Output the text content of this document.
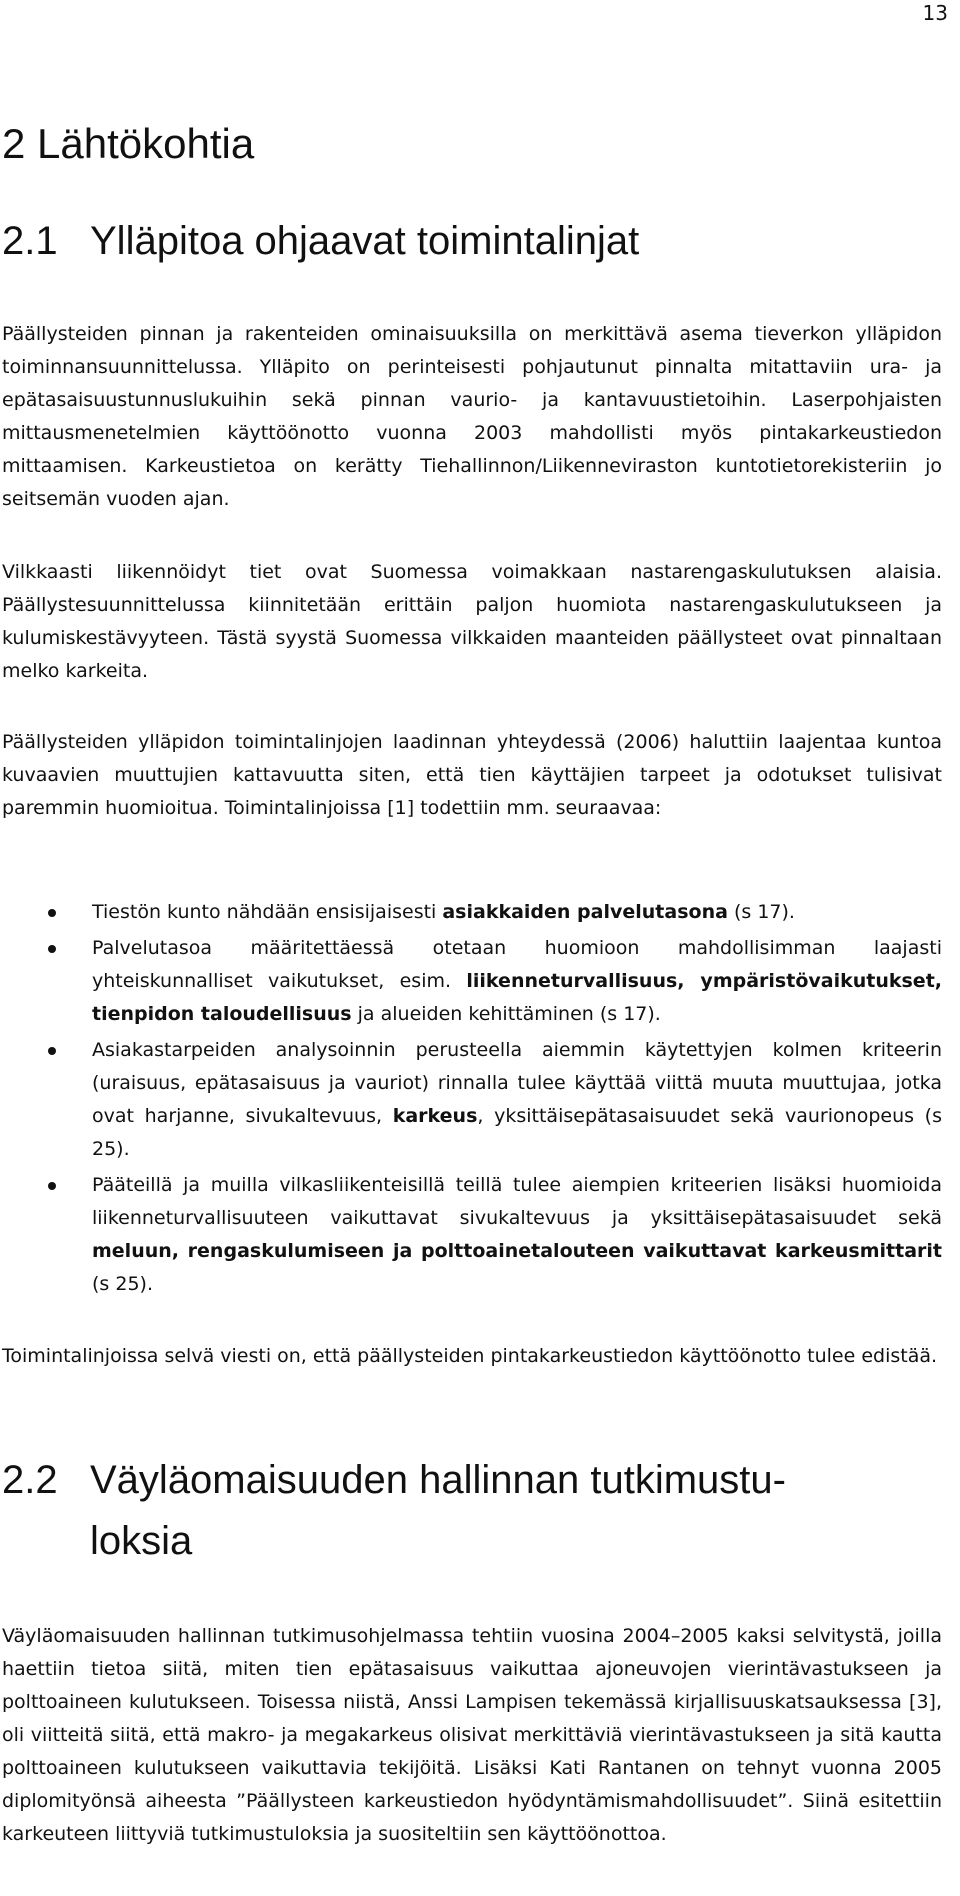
13
2 Lähtökohtia
2.1 Ylläpitoa ohjaavat toimintalinjat

Päällysteiden pinnan ja rakenteiden ominaisuuksilla on merkittävä asema tieverkon ylläpidon toiminnansuunnittelussa. Ylläpito on perinteisesti pohjautunut pinnalta mitattaviin ura- ja epätasaisuustunnuslukuihin sekä pinnan vaurio- ja kantavuustietoihin. Laserpohjaisten mittausmenetelmien käyttöönotto vuonna 2003 mahdollisti myös pintakarkeustiedon mittaamisen. Karkeustietoa on kerätty Tiehallinnon/Liikenneviraston kuntotietorekisteriin jo seitsemän vuoden ajan.

Vilkkaasti liikennöidyt tiet ovat Suomessa voimakkaan nastarengaskulutuksen alaisia. Päällystesuunnittelussa kiinnitetään erittäin paljon huomiota nastarengaskulutukseen ja kulumiskestävyyteen. Tästä syystä Suomessa vilkkaiden maanteiden päällysteet ovat pinnaltaan melko karkeita.

Päällysteiden ylläpidon toimintalinjojen laadinnan yhteydessä (2006) haluttiin laajentaa kuntoa kuvaavien muuttujien kattavuutta siten, että tien käyttäjien tarpeet ja odotukset tulisivat paremmin huomioitua. Toimintalinjoissa [1] todettiin mm. seuraavaa:

Tiestön kunto nähdään ensisijaisesti asiakkaiden palvelutasona (s 17).
Palvelutasoa määritettäessä otetaan huomioon mahdollisimman laajasti yhteiskunnalliset vaikutukset, esim. liikenneturvallisuus, ympäristövaikutukset, tienpidon taloudellisuus ja alueiden kehittäminen (s 17).
Asiakastarpeiden analysoinnin perusteella aiemmin käytettyjen kolmen kriteerin (uraisuus, epätasaisuus ja vauriot) rinnalla tulee käyttää viittä muuta muuttujaa, jotka ovat harjanne, sivukaltevuus, karkeus, yksittäisepätasaisuudet sekä vaurionopeus (s 25).
Pääteillä ja muilla vilkasliikenteisillä teillä tulee aiempien kriteerien lisäksi huomioida liikenneturvallisuuteen vaikuttavat sivukaltevuus ja yksittäisepätasaisuudet sekä meluun, rengaskulumiseen ja polttoainetalouteen vaikuttavat karkeusmittarit (s 25).

Toimintalinjoissa selvä viesti on, että päällysteiden pintakarkeustiedon käyttöönotto tulee edistää.

2.2 Väyläomaisuuden hallinnan tutkimustu-
loksia

Väyläomaisuuden hallinnan tutkimusohjelmassa tehtiin vuosina 2004–2005 kaksi selvitystä, joilla haettiin tietoa siitä, miten tien epätasaisuus vaikuttaa ajoneuvojen vierintävastukseen ja polttoaineen kulutukseen. Toisessa niistä, Anssi Lampisen tekemässä kirjallisuuskatsauksessa [3], oli viitteitä siitä, että makro- ja megakarkeus olisivat merkittäviä vierintävastukseen ja sitä kautta polttoaineen kulutukseen vaikuttavia tekijöitä. Lisäksi Kati Rantanen on tehnyt vuonna 2005 diplomityönsä aiheesta ”Päällysteen karkeustiedon hyödyntämismahdollisuudet”. Siinä esitettiin karkeuteen liittyviä tutkimustuloksia ja suositeltiin sen käyttöönottoa.
